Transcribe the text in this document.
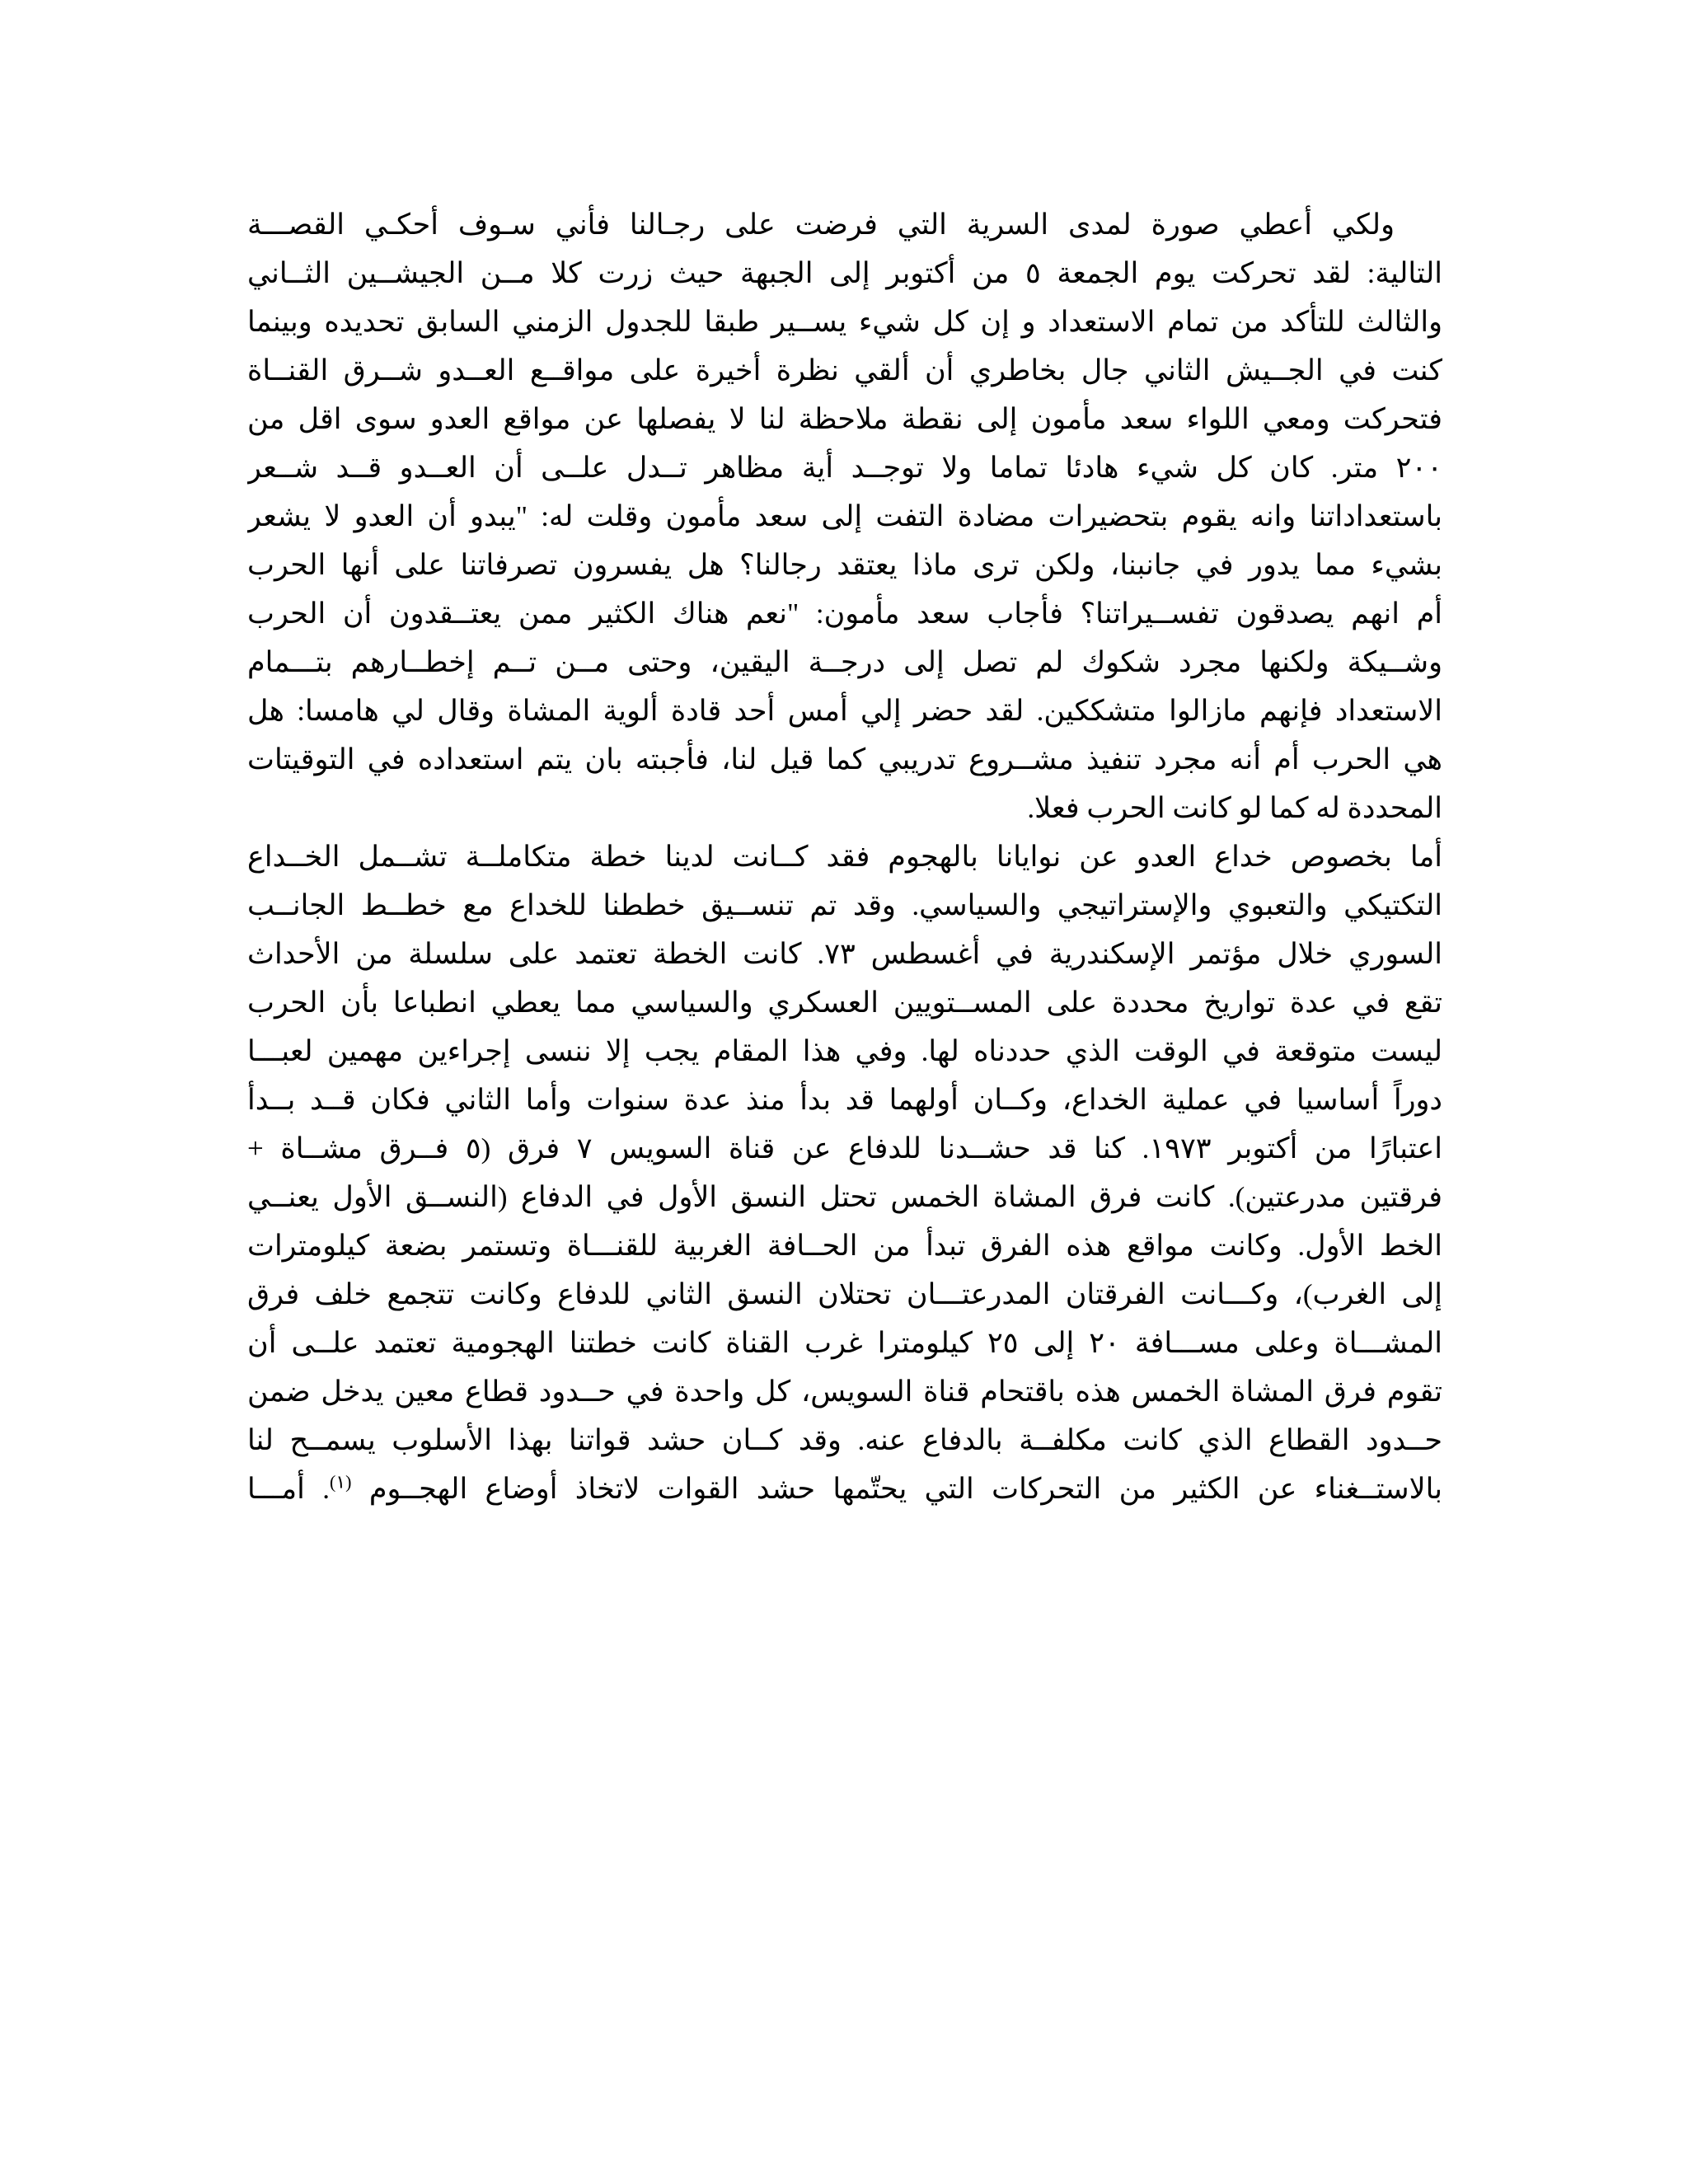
ولكي أعطي صورة لمدى السرية التي فرضت على رجـالنا فأني سـوف أحكـي القصـــة
التالية: لقد تحركت يوم الجمعة ٥ من أكتوبر إلى الجبهة حيث زرت كلا مــن الجيشــين الثــاني
والثالث للتأكد من تمام الاستعداد و إن كل شيء يســير طبقا للجدول الزمني السابق تحديده وبينما
كنت في الجــيش الثاني جال بخاطري أن ألقي نظرة أخيرة على مواقــع العــدو شــرق القنــاة
فتحركت ومعي اللواء سعد مأمون إلى نقطة ملاحظة لنا لا يفصلها عن مواقع العدو سوى اقل من
٢٠٠ متر. كان كل شيء هادئا تماما ولا توجــد أية مظاهر تــدل علــى أن العــدو قــد شــعر
باستعداداتنا وانه يقوم بتحضيرات مضادة التفت إلى سعد مأمون وقلت له: "يبدو أن العدو لا يشعر
بشيء مما يدور في جانبنا، ولكن ترى ماذا يعتقد رجالنا؟ هل يفسرون تصرفاتنا على أنها الحرب
أم انهم يصدقون تفســيراتنا؟ فأجاب سعد مأمون: "نعم هناك الكثير ممن يعتــقدون أن الحرب
وشــيكة ولكنها مجرد شكوك لم تصل إلى درجــة اليقين، وحتى مــن تــم إخطــارهم بتـــمام
الاستعداد فإنهم مازالوا متشككين. لقد حضر إلي أمس أحد قادة ألوية المشاة وقال لي هامسا: هل
هي الحرب أم أنه مجرد تنفيذ مشــروع تدريبي كما قيل لنا، فأجبته بان يتم استعداده في التوقيتات
المحددة له كما لو كانت الحرب فعلا.
أما بخصوص خداع العدو عن نوايانا بالهجوم فقد كــانت لدينا خطة متكاملــة تشــمل الخــداع
التكتيكي والتعبوي والإستراتيجي والسياسي. وقد تم تنســيق خططنا للخداع مع خطــط الجانــب
السوري خلال مؤتمر الإسكندرية في أغسطس ٧٣. كانت الخطة تعتمد على سلسلة من الأحداث
تقع في عدة تواريخ محددة على المســتويين العسكري والسياسي مما يعطي انطباعا بأن الحرب
ليست متوقعة في الوقت الذي حددناه لها. وفي هذا المقام يجب إلا ننسى إجراءين مهمين لعبـــا
دوراً أساسيا في عملية الخداع، وكــان أولهما قد بدأ منذ عدة سنوات وأما الثاني فكان قــد بــدأ
اعتبارًا من أكتوبر ١٩٧٣. كنا قد حشــدنا للدفاع عن قناة السويس ٧ فرق (٥ فــرق مشــاة +
فرقتين مدرعتين). كانت فرق المشاة الخمس تحتل النسق الأول في الدفاع (النســق الأول يعنــي
الخط الأول. وكانت مواقع هذه الفرق تبدأ من الحــافة الغربية للقنـــاة وتستمر بضعة كيلومترات
إلى الغرب)، وكـــانت الفرقتان المدرعتـــان تحتلان النسق الثاني للدفاع وكانت تتجمع خلف فرق
المشـــاة وعلى مســـافة ٢٠ إلى ٢٥ كيلومترا غرب القناة كانت خطتنا الهجومية تعتمد علــى أن
تقوم فرق المشاة الخمس هذه باقتحام قناة السويس، كل واحدة في حــدود قطاع معين يدخل ضمن
حــدود القطاع الذي كانت مكلفــة بالدفاع عنه. وقد كــان حشد قواتنا بهذا الأسلوب يسمــح لنا
بالاستــغناء عن الكثير من التحركات التي يحتّمها حشد القوات لاتخاذ أوضاع الهجــوم $^{(١)}$. أمـــا
